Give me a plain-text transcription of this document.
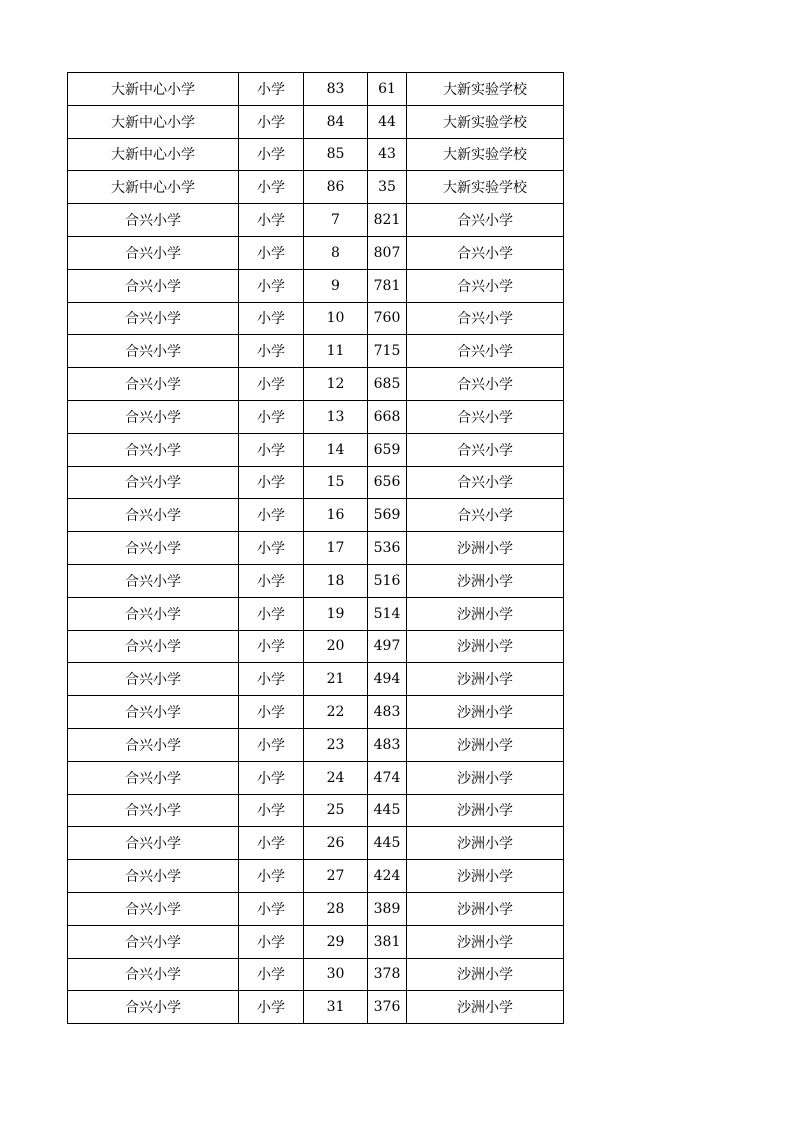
大新中心小学	小学	83	61	大新实验学校
大新中心小学	小学	84	44	大新实验学校
大新中心小学	小学	85	43	大新实验学校
大新中心小学	小学	86	35	大新实验学校
合兴小学	小学	7	821	合兴小学
合兴小学	小学	8	807	合兴小学
合兴小学	小学	9	781	合兴小学
合兴小学	小学	10	760	合兴小学
合兴小学	小学	11	715	合兴小学
合兴小学	小学	12	685	合兴小学
合兴小学	小学	13	668	合兴小学
合兴小学	小学	14	659	合兴小学
合兴小学	小学	15	656	合兴小学
合兴小学	小学	16	569	合兴小学
合兴小学	小学	17	536	沙洲小学
合兴小学	小学	18	516	沙洲小学
合兴小学	小学	19	514	沙洲小学
合兴小学	小学	20	497	沙洲小学
合兴小学	小学	21	494	沙洲小学
合兴小学	小学	22	483	沙洲小学
合兴小学	小学	23	483	沙洲小学
合兴小学	小学	24	474	沙洲小学
合兴小学	小学	25	445	沙洲小学
合兴小学	小学	26	445	沙洲小学
合兴小学	小学	27	424	沙洲小学
合兴小学	小学	28	389	沙洲小学
合兴小学	小学	29	381	沙洲小学
合兴小学	小学	30	378	沙洲小学
合兴小学	小学	31	376	沙洲小学
